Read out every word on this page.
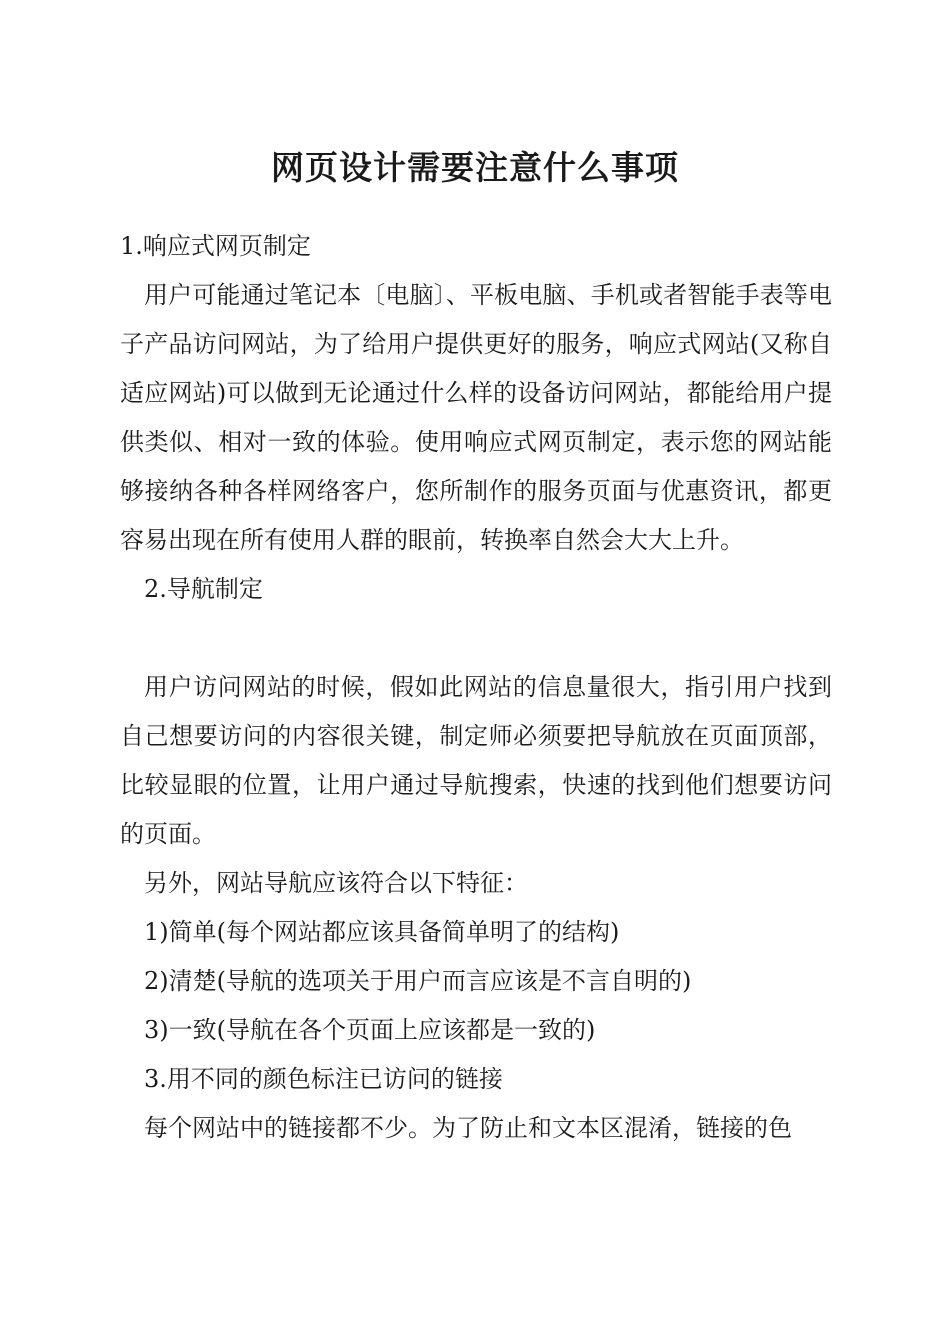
网页设计需要注意什么事项

1.响应式网页制定

用户可能通过笔记本〔电脑〕、平板电脑、手机或者智能手表等电子产品访问网站，为了给用户提供更好的服务，响应式网站(又称自适应网站)可以做到无论通过什么样的设备访问网站，都能给用户提供类似、相对一致的体验。使用响应式网页制定，表示您的网站能够接纳各种各样网络客户，您所制作的服务页面与优惠资讯，都更容易出现在所有使用人群的眼前，转换率自然会大大上升。

2.导航制定

用户访问网站的时候，假如此网站的信息量很大，指引用户找到自己想要访问的内容很关键，制定师必须要把导航放在页面顶部，比较显眼的位置，让用户通过导航搜索，快速的找到他们想要访问的页面。

另外，网站导航应该符合以下特征：

1)简单(每个网站都应该具备简单明了的结构)

2)清楚(导航的选项关于用户而言应该是不言自明的)

3)一致(导航在各个页面上应该都是一致的)

3.用不同的颜色标注已访问的链接

每个网站中的链接都不少。为了防止和文本区混淆，链接的色
